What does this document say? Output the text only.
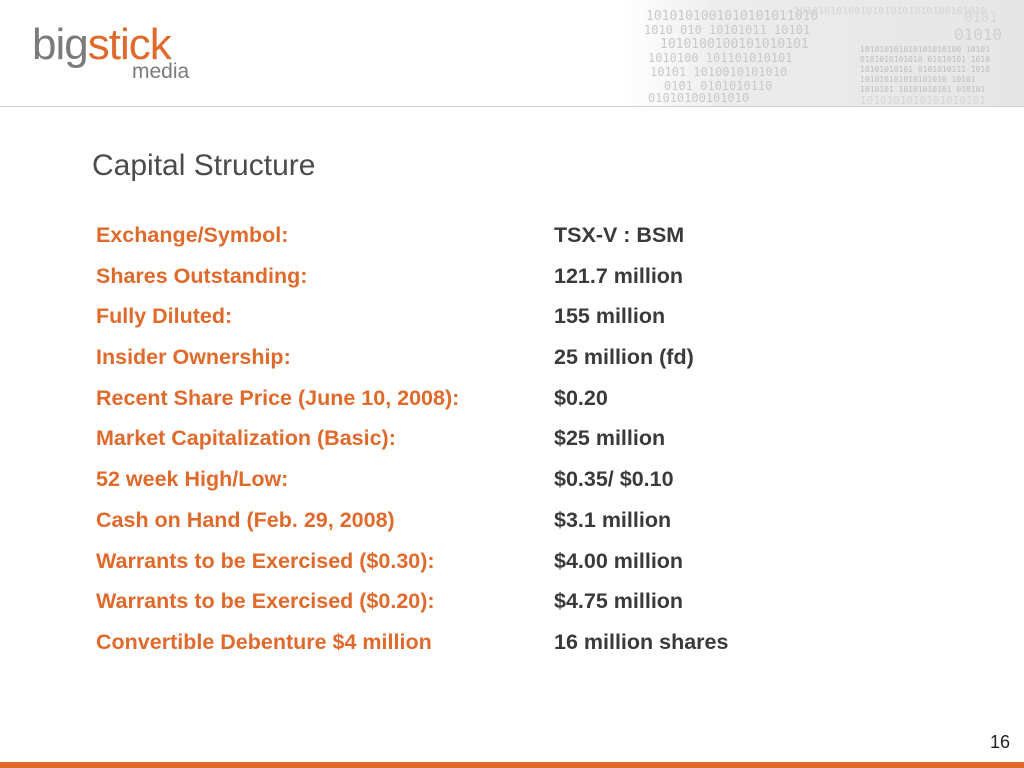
bigstick
media
1010101001010101011010
1010 010 10101011 10101
1010100100101010101
1010100 101101010101
10101 1010010101010
0101 0101010110
01010100101010
10101010100101010101010100101010
101010101010101010100 10101
0101010101010 01010101 1010
10101010101 0101010111 1010
101010101010101010 10101
1010101 10101010101 010101
1010101010101010101
01010
0101
Capital Structure
Exchange/Symbol:	TSX-V : BSM
Shares Outstanding:	121.7 million
Fully Diluted:	155 million
Insider Ownership:	25 million (fd)
Recent Share Price (June 10, 2008):	$0.20
Market Capitalization (Basic):	$25 million
52 week High/Low:	$0.35/ $0.10
Cash on Hand (Feb. 29, 2008)	$3.1 million
Warrants to be Exercised ($0.30):	$4.00 million
Warrants to be Exercised ($0.20):	$4.75 million
Convertible Debenture $4 million	16 million shares
16
